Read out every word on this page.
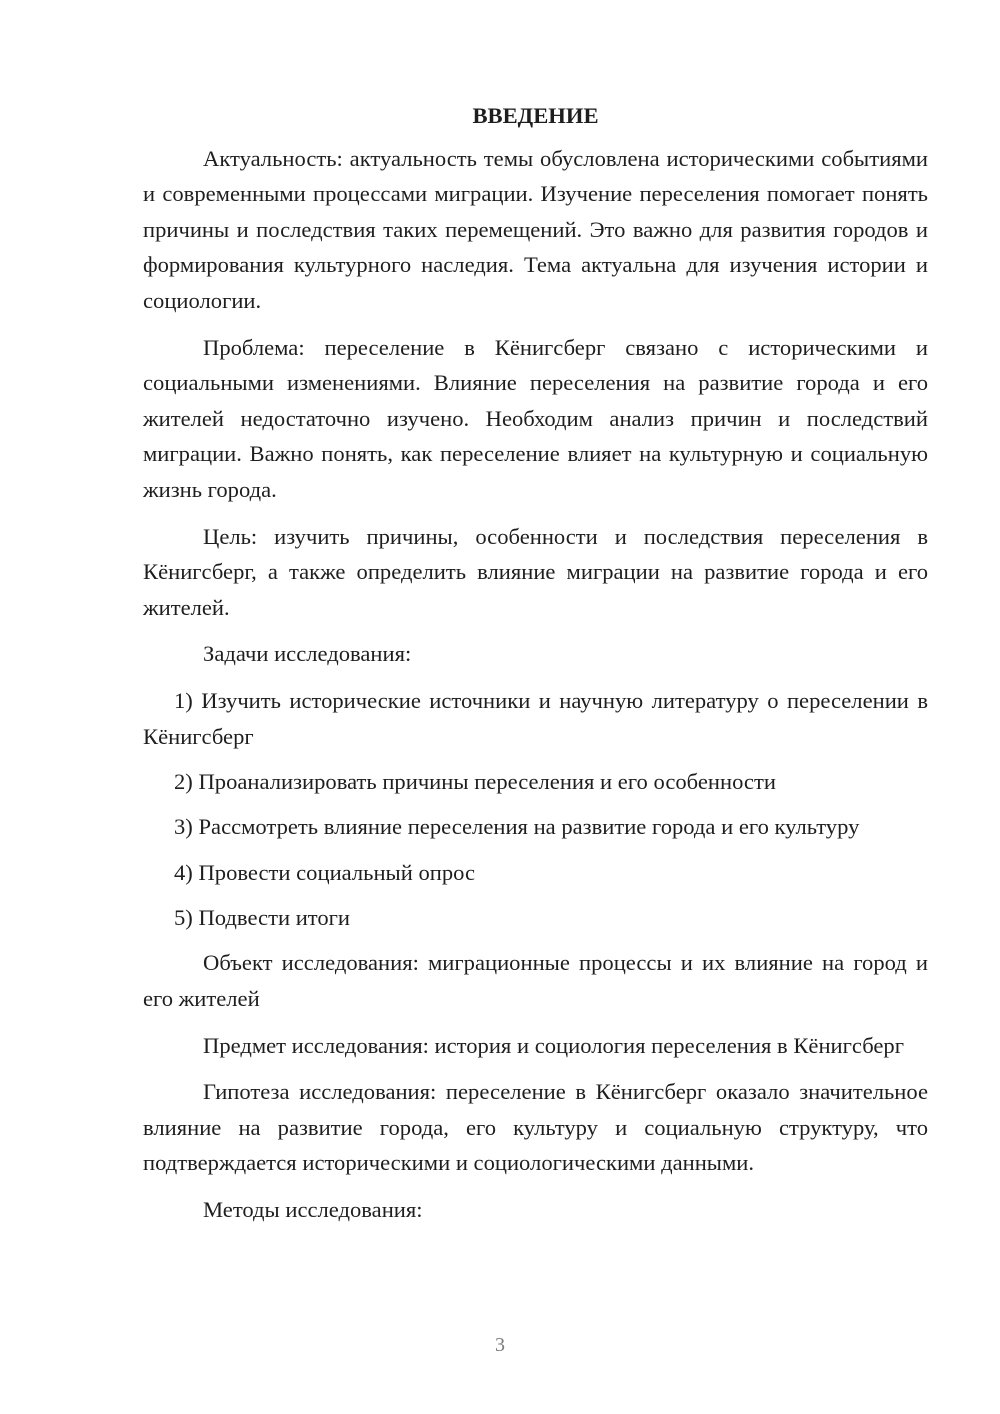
ВВЕДЕНИЕ

Актуальность: актуальность темы обусловлена историческими событиями и современными процессами миграции. Изучение переселения помогает понять причины и последствия таких перемещений. Это важно для развития городов и формирования культурного наследия. Тема актуальна для изучения истории и социологии.

Проблема: переселение в Кёнигсберг связано с историческими и социальными изменениями. Влияние переселения на развитие города и его жителей недостаточно изучено. Необходим анализ причин и последствий миграции. Важно понять, как переселение влияет на культурную и социальную жизнь города.

Цель: изучить причины, особенности и последствия переселения в Кёнигсберг, а также определить влияние миграции на развитие города и его жителей.

Задачи исследования:

1) Изучить исторические источники и научную литературу о переселении в Кёнигсберг

2) Проанализировать причины переселения и его особенности

3) Рассмотреть влияние переселения на развитие города и его культуру

4) Провести социальный опрос

5) Подвести итоги

Объект исследования: миграционные процессы и их влияние на город и его жителей

Предмет исследования: история и социология переселения в Кёнигсберг

Гипотеза исследования: переселение в Кёнигсберг оказало значительное влияние на развитие города, его культуру и социальную структуру, что подтверждается историческими и социологическими данными.

Методы исследования:

3
